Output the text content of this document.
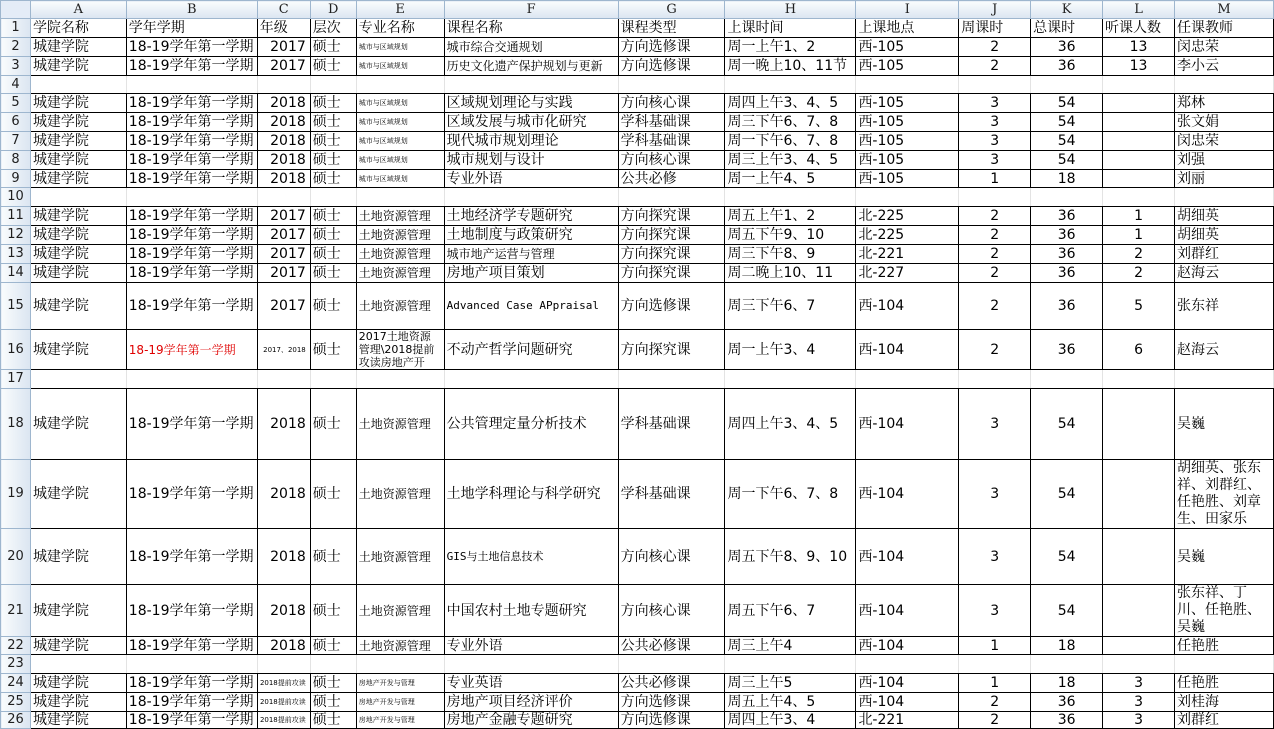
	A	B	C	D	E	F	G	H	I	J	K	L	M
1	学院名称	学年学期	年级	层次	专业名称	课程名称	课程类型	上课时间	上课地点	周课时	总课时	听课人数	任课教师
2	城建学院	18-19学年第一学期	2017	硕士	城市与区域规划	城市综合交通规划	方向选修课	周一上午1、2	西-105	2	36	13	闵忠荣
3	城建学院	18-19学年第一学期	2017	硕士	城市与区域规划	历史文化遗产保护规划与更新	方向选修课	周一晚上10、11节	西-105	2	36	13	李小云
4													
5	城建学院	18-19学年第一学期	2018	硕士	城市与区域规划	区域规划理论与实践	方向核心课	周四上午3、4、5	西-105	3	54		郑林
6	城建学院	18-19学年第一学期	2018	硕士	城市与区域规划	区域发展与城市化研究	学科基础课	周三下午6、7、8	西-105	3	54		张文娟
7	城建学院	18-19学年第一学期	2018	硕士	城市与区域规划	现代城市规划理论	学科基础课	周一下午6、7、8	西-105	3	54		闵忠荣
8	城建学院	18-19学年第一学期	2018	硕士	城市与区域规划	城市规划与设计	方向核心课	周三上午3、4、5	西-105	3	54		刘强
9	城建学院	18-19学年第一学期	2018	硕士	城市与区域规划	专业外语	公共必修	周一上午4、5	西-105	1	18		刘丽
10													
11	城建学院	18-19学年第一学期	2017	硕士	土地资源管理	土地经济学专题研究	方向探究课	周五上午1、2	北-225	2	36	1	胡细英
12	城建学院	18-19学年第一学期	2017	硕士	土地资源管理	土地制度与政策研究	方向探究课	周五下午9、10	北-225	2	36	1	胡细英
13	城建学院	18-19学年第一学期	2017	硕士	土地资源管理	城市地产运营与管理	方向探究课	周三下午8、9	北-221	2	36	2	刘群红
14	城建学院	18-19学年第一学期	2017	硕士	土地资源管理	房地产项目策划	方向探究课	周二晚上10、11	北-227	2	36	2	赵海云
15	城建学院	18-19学年第一学期	2017	硕士	土地资源管理	Advanced Case APpraisal	方向选修课	周三下午6、7	西-104	2	36	5	张东祥
16	城建学院	18-19学年第一学期	2017、2018	硕士	2017土地资源管理\2018提前攻读房地产开	不动产哲学问题研究	方向探究课	周一上午3、4	西-104	2	36	6	赵海云
17													
18	城建学院	18-19学年第一学期	2018	硕士	土地资源管理	公共管理定量分析技术	学科基础课	周四上午3、4、5	西-104	3	54		吴巍
19	城建学院	18-19学年第一学期	2018	硕士	土地资源管理	土地学科理论与科学研究	学科基础课	周一下午6、7、8	西-104	3	54		胡细英、张东祥、刘群红、任艳胜、刘章生、田家乐
20	城建学院	18-19学年第一学期	2018	硕士	土地资源管理	GIS与土地信息技术	方向核心课	周五下午8、9、10	西-104	3	54		吴巍
21	城建学院	18-19学年第一学期	2018	硕士	土地资源管理	中国农村土地专题研究	方向核心课	周五下午6、7	西-104	3	54		张东祥、丁川、任艳胜、吴巍
22	城建学院	18-19学年第一学期	2018	硕士	土地资源管理	专业外语	公共必修课	周三上午4	西-104	1	18		任艳胜
23													
24	城建学院	18-19学年第一学期	2018提前攻读	硕士	房地产开发与管理	专业英语	公共必修课	周三上午5	西-104	1	18	3	任艳胜
25	城建学院	18-19学年第一学期	2018提前攻读	硕士	房地产开发与管理	房地产项目经济评价	方向选修课	周五上午4、5	西-104	2	36	3	刘桂海
26	城建学院	18-19学年第一学期	2018提前攻读	硕士	房地产开发与管理	房地产金融专题研究	方向选修课	周四上午3、4	北-221	2	36	3	刘群红
